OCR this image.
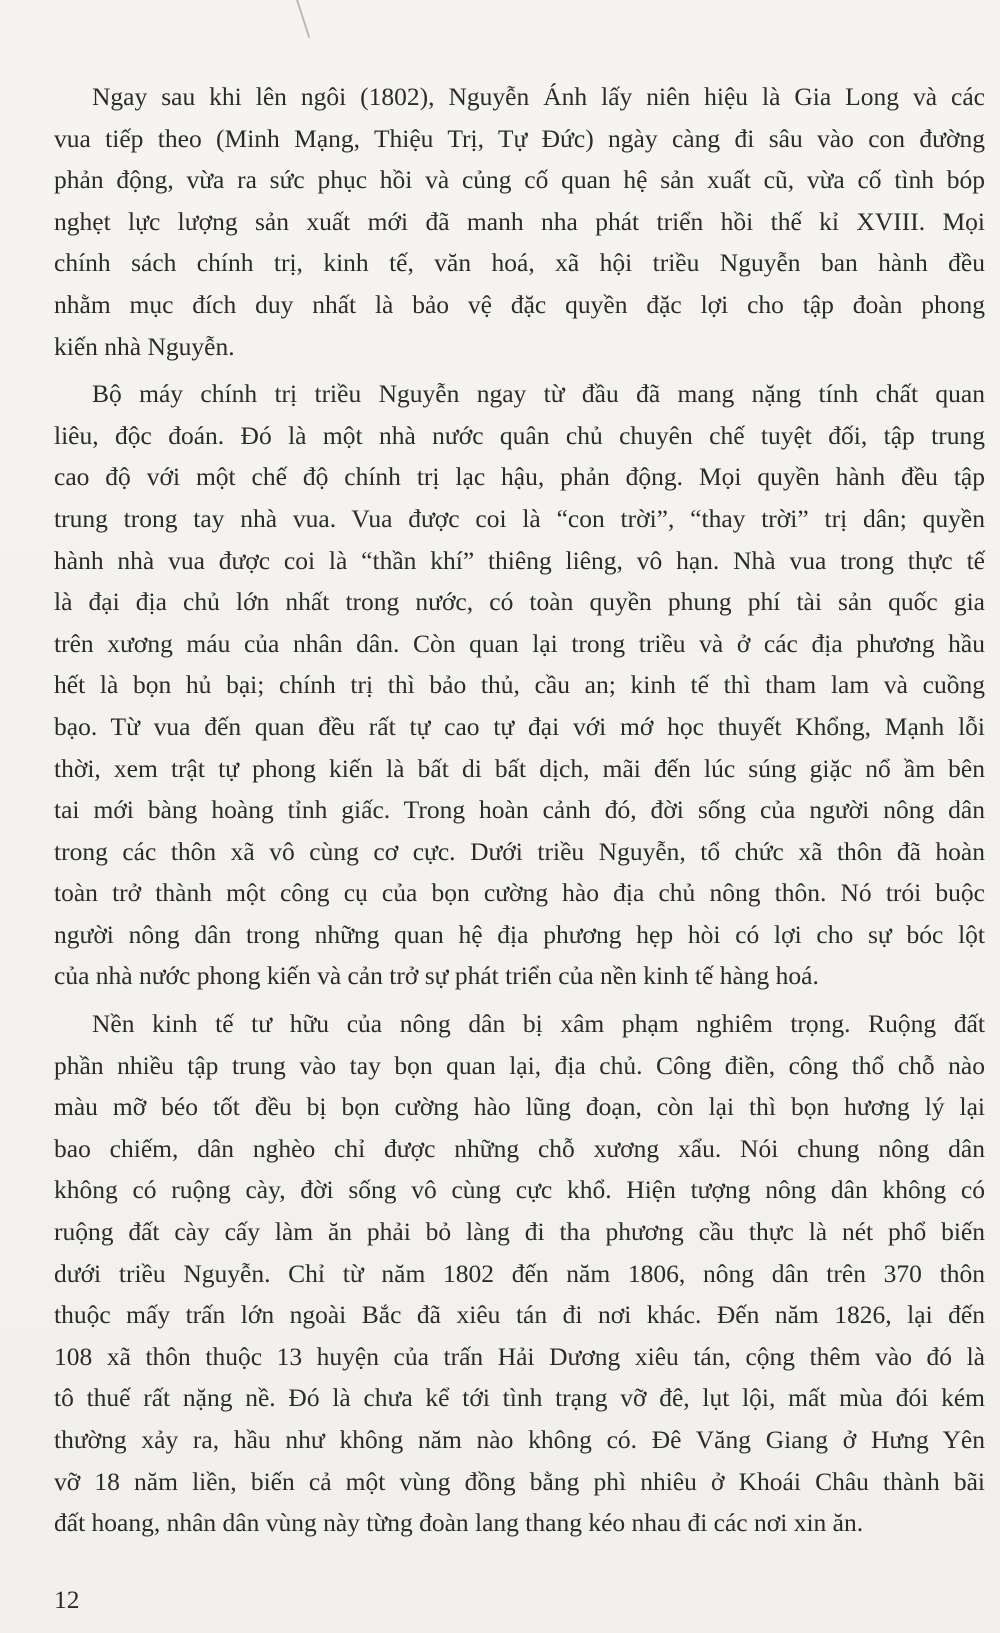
Ngay sau khi lên ngôi (1802), Nguyễn Ánh lấy niên hiệu là Gia Long và các
vua tiếp theo (Minh Mạng, Thiệu Trị, Tự Đức) ngày càng đi sâu vào con đường
phản động, vừa ra sức phục hồi và củng cố quan hệ sản xuất cũ, vừa cố tình bóp
nghẹt lực lượng sản xuất mới đã manh nha phát triển hồi thế kỉ XVIII. Mọi
chính sách chính trị, kinh tế, văn hoá, xã hội triều Nguyễn ban hành đều
nhằm mục đích duy nhất là bảo vệ đặc quyền đặc lợi cho tập đoàn phong
kiến nhà Nguyễn.

Bộ máy chính trị triều Nguyễn ngay từ đầu đã mang nặng tính chất quan
liêu, độc đoán. Đó là một nhà nước quân chủ chuyên chế tuyệt đối, tập trung
cao độ với một chế độ chính trị lạc hậu, phản động. Mọi quyền hành đều tập
trung trong tay nhà vua. Vua được coi là “con trời”, “thay trời” trị dân; quyền
hành nhà vua được coi là “thần khí” thiêng liêng, vô hạn. Nhà vua trong thực tế
là đại địa chủ lớn nhất trong nước, có toàn quyền phung phí tài sản quốc gia
trên xương máu của nhân dân. Còn quan lại trong triều và ở các địa phương hầu
hết là bọn hủ bại; chính trị thì bảo thủ, cầu an; kinh tế thì tham lam và cuồng
bạo. Từ vua đến quan đều rất tự cao tự đại với mớ học thuyết Khổng, Mạnh lỗi
thời, xem trật tự phong kiến là bất di bất dịch, mãi đến lúc súng giặc nổ ầm bên
tai mới bàng hoàng tỉnh giấc. Trong hoàn cảnh đó, đời sống của người nông dân
trong các thôn xã vô cùng cơ cực. Dưới triều Nguyễn, tổ chức xã thôn đã hoàn
toàn trở thành một công cụ của bọn cường hào địa chủ nông thôn. Nó trói buộc
người nông dân trong những quan hệ địa phương hẹp hòi có lợi cho sự bóc lột
của nhà nước phong kiến và cản trở sự phát triển của nền kinh tế hàng hoá.

Nền kinh tế tư hữu của nông dân bị xâm phạm nghiêm trọng. Ruộng đất
phần nhiều tập trung vào tay bọn quan lại, địa chủ. Công điền, công thổ chỗ nào
màu mỡ béo tốt đều bị bọn cường hào lũng đoạn, còn lại thì bọn hương lý lại
bao chiếm, dân nghèo chỉ được những chỗ xương xẩu. Nói chung nông dân
không có ruộng cày, đời sống vô cùng cực khổ. Hiện tượng nông dân không có
ruộng đất cày cấy làm ăn phải bỏ làng đi tha phương cầu thực là nét phổ biến
dưới triều Nguyễn. Chỉ từ năm 1802 đến năm 1806, nông dân trên 370 thôn
thuộc mấy trấn lớn ngoài Bắc đã xiêu tán đi nơi khác. Đến năm 1826, lại đến
108 xã thôn thuộc 13 huyện của trấn Hải Dương xiêu tán, cộng thêm vào đó là
tô thuế rất nặng nề. Đó là chưa kể tới tình trạng vỡ đê, lụt lội, mất mùa đói kém
thường xảy ra, hầu như không năm nào không có. Đê Văng Giang ở Hưng Yên
vỡ 18 năm liền, biến cả một vùng đồng bằng phì nhiêu ở Khoái Châu thành bãi
đất hoang, nhân dân vùng này từng đoàn lang thang kéo nhau đi các nơi xin ăn.

12
